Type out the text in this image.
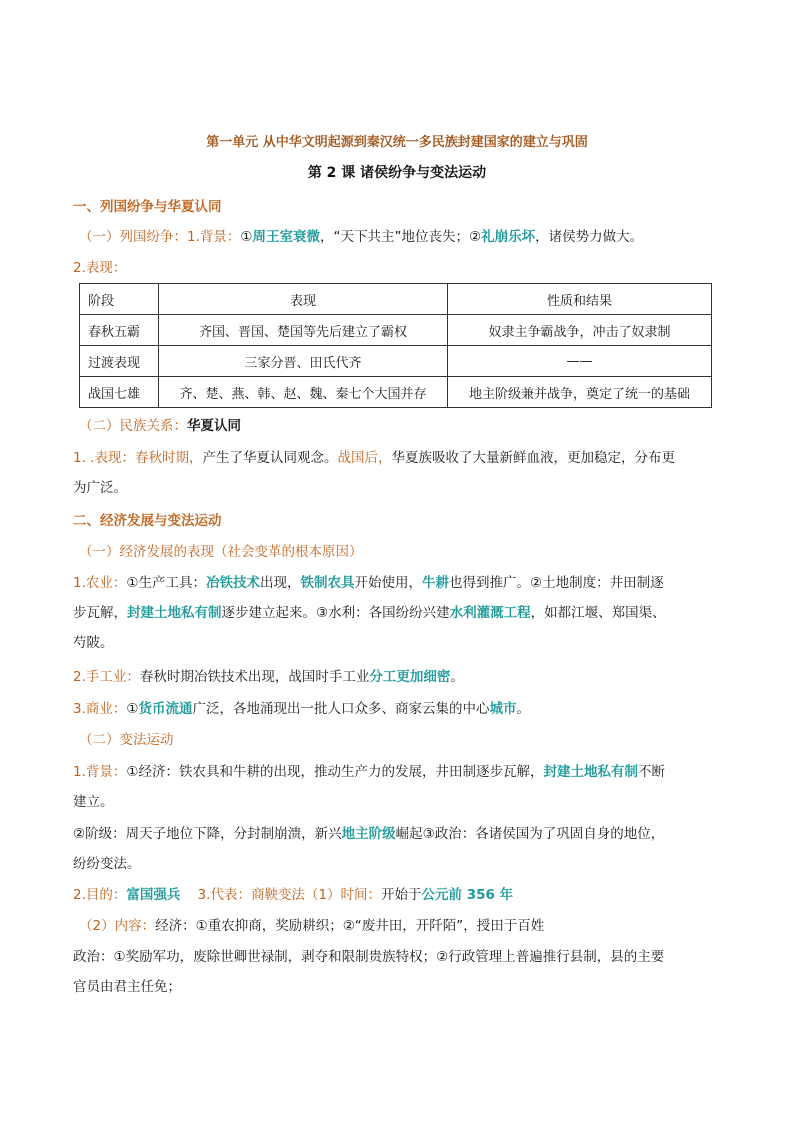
第一单元 从中华文明起源到秦汉统一多民族封建国家的建立与巩固
第 2 课 诸侯纷争与变法运动
一、列国纷争与华夏认同
（一）列国纷争：1.背景：①周王室衰微，“天下共主”地位丧失；②礼崩乐坏，诸侯势力做大。
2.表现：
阶段	表现	性质和结果
春秋五霸	齐国、晋国、楚国等先后建立了霸权	奴隶主争霸战争，冲击了奴隶制
过渡表现	三家分晋、田氏代齐	——
战国七雄	齐、楚、燕、韩、赵、魏、秦七个大国并存	地主阶级兼并战争，奠定了统一的基础
（二）民族关系：华夏认同
1. .表现：春秋时期，产生了华夏认同观念。战国后，华夏族吸收了大量新鲜血液，更加稳定，分布更
为广泛。
二、经济发展与变法运动
（一）经济发展的表现（社会变革的根本原因）
1.农业：①生产工具：冶铁技术出现，铁制农具开始使用，牛耕也得到推广。②土地制度：井田制逐
步瓦解，封建土地私有制逐步建立起来。③水利：各国纷纷兴建水利灌溉工程，如都江堰、郑国渠、
芍陂。
2.手工业：春秋时期冶铁技术出现，战国时手工业分工更加细密。
3.商业：①货币流通广泛，各地涌现出一批人口众多、商家云集的中心城市。
（二）变法运动
1.背景：①经济：铁农具和牛耕的出现，推动生产力的发展，井田制逐步瓦解，封建土地私有制不断
建立。
②阶级：周天子地位下降，分封制崩溃，新兴地主阶级崛起③政治：各诸侯国为了巩固自身的地位，
纷纷变法。
2.目的：富国强兵 3.代表：商鞅变法（1）时间：开始于公元前 356 年
（2）内容：经济：①重农抑商，奖励耕织；②“废井田，开阡陌”，授田于百姓
政治：①奖励军功，废除世卿世禄制，剥夺和限制贵族特权；②行政管理上普遍推行县制，县的主要
官员由君主任免；
